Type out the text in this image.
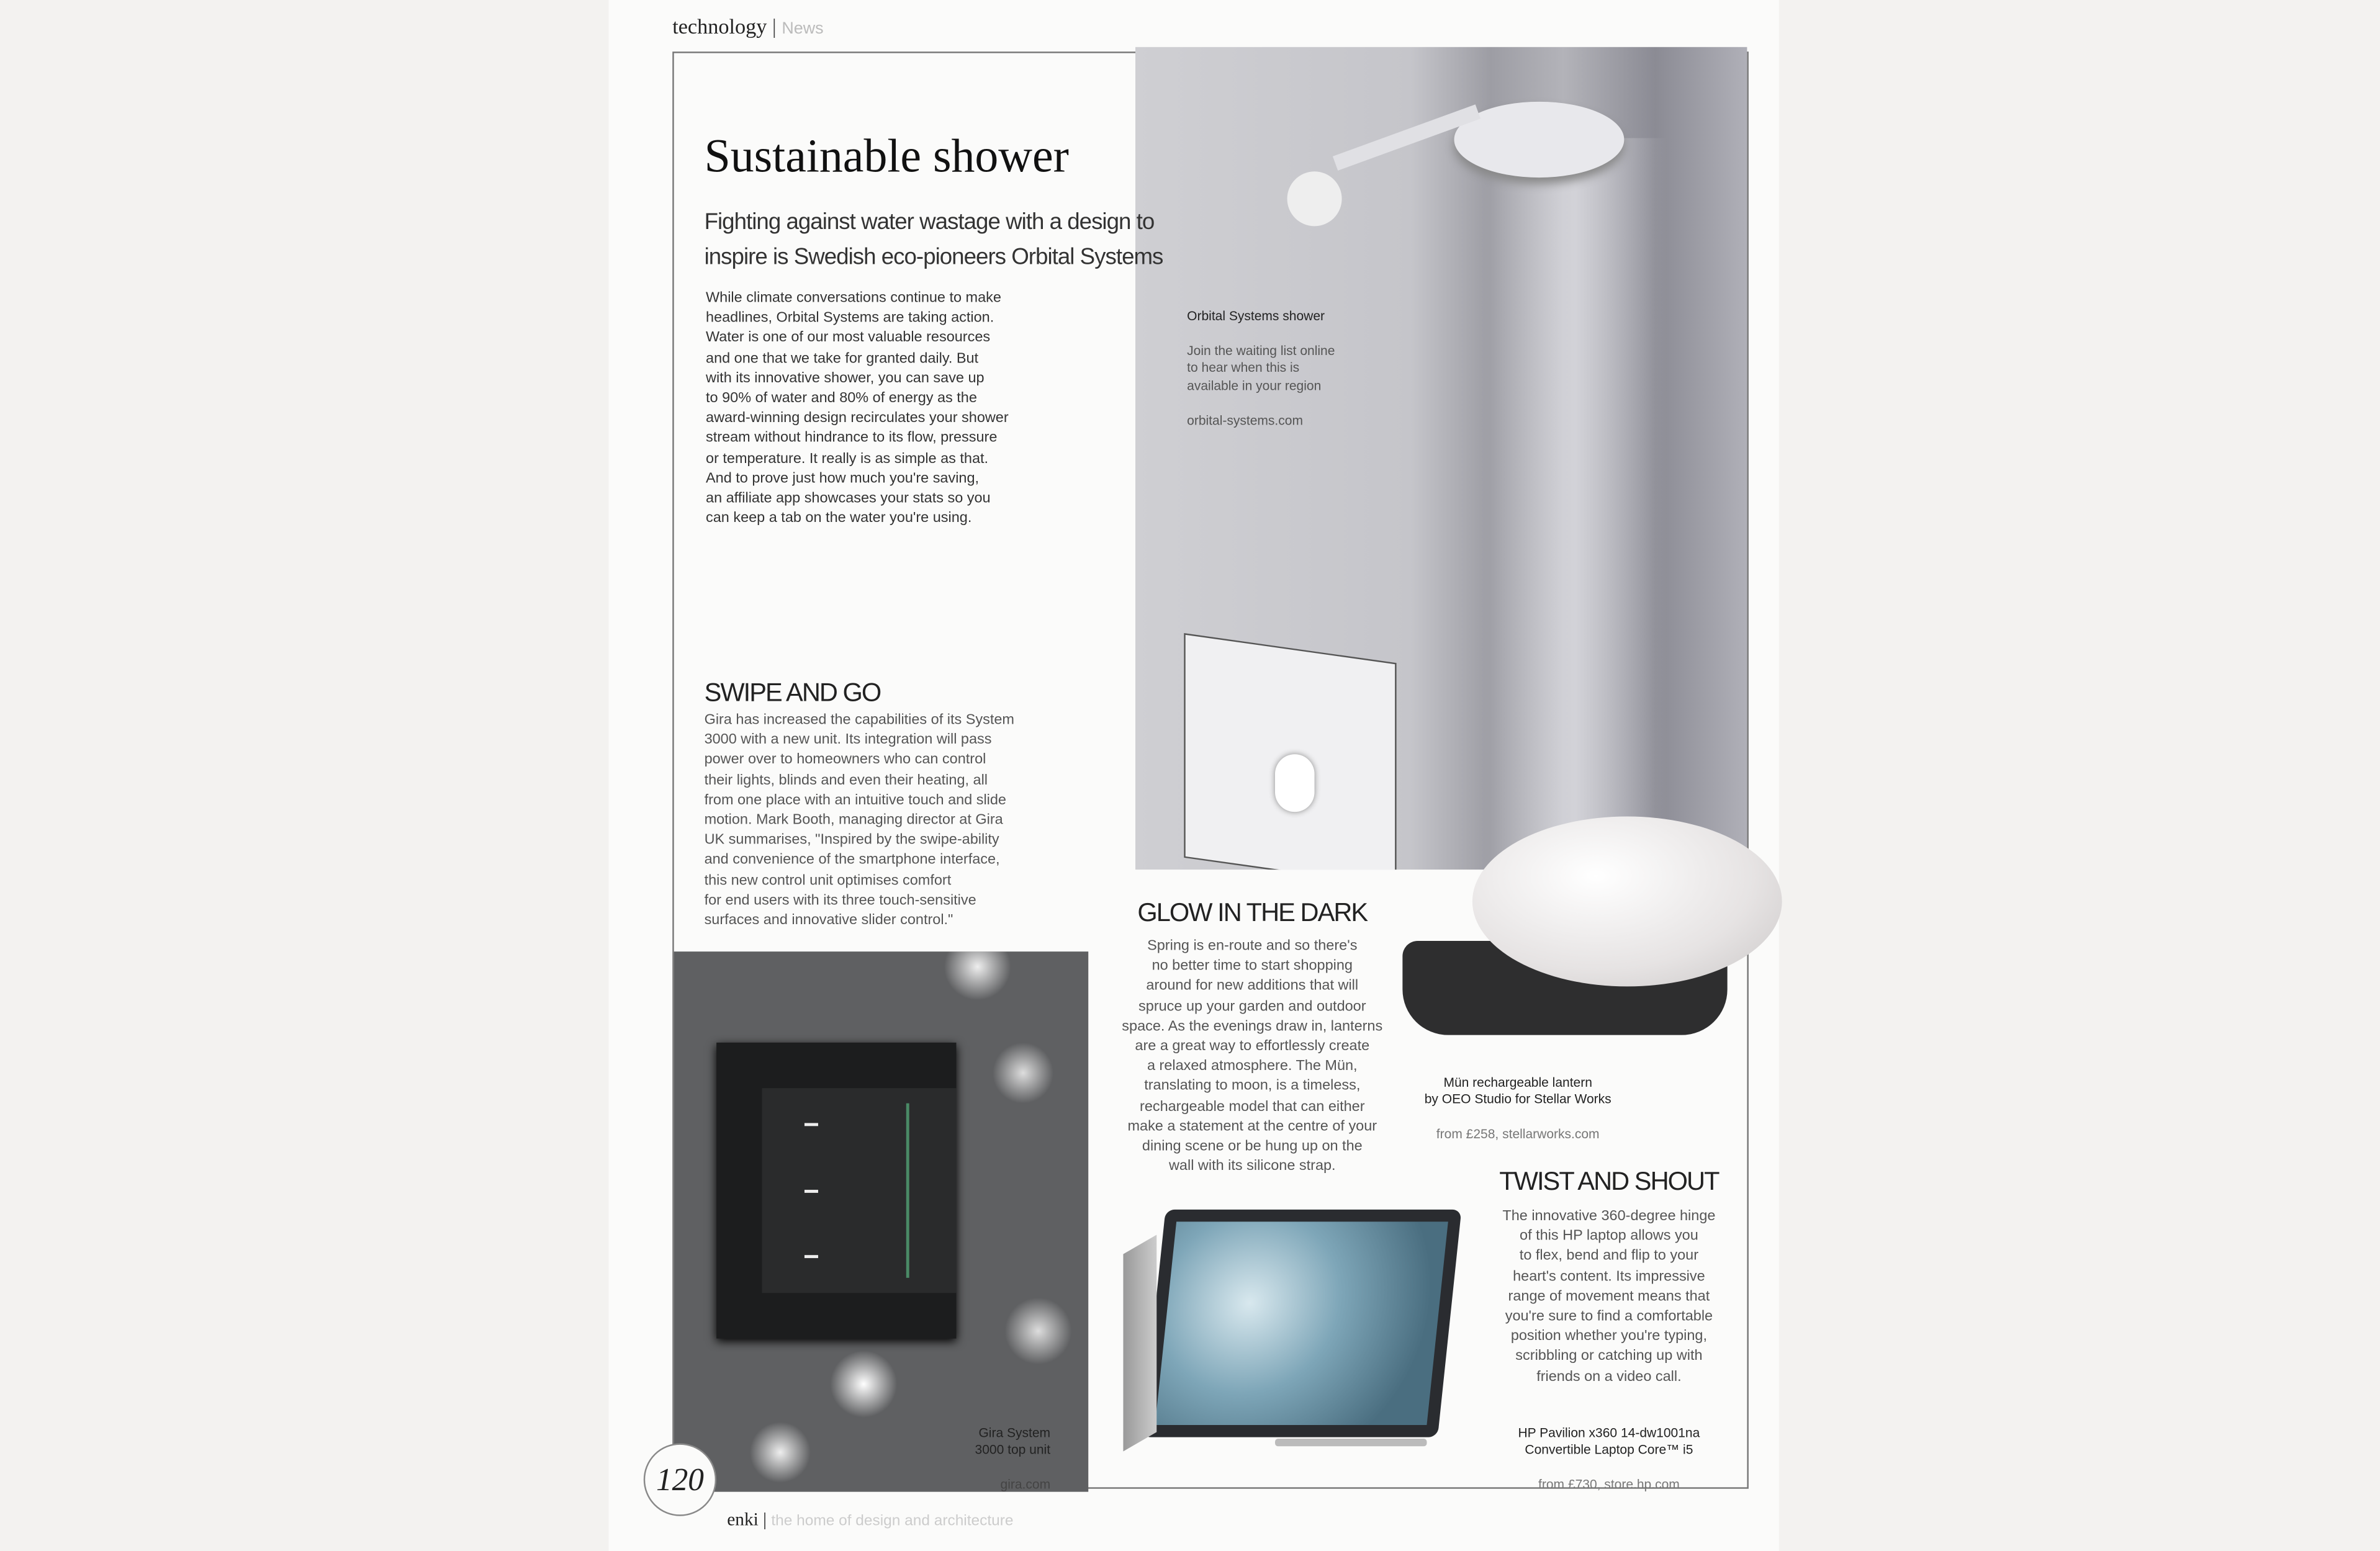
technology | News

Orbital Systems shower

Join the waiting list online
to hear when this is
available in your region

orbital-systems.com

Sustainable shower
Fighting against water wastage with a design to
inspire is Swedish eco-pioneers Orbital Systems
While climate conversations continue to make
headlines, Orbital Systems are taking action.
Water is one of our most valuable resources
and one that we take for granted daily. But
with its innovative shower, you can save up
to 90% of water and 80% of energy as the
award-winning design recirculates your shower
stream without hindrance to its flow, pressure
or temperature. It really is as simple as that.
And to prove just how much you're saving,
an affiliate app showcases your stats so you
can keep a tab on the water you're using.
SWIPE AND GO
Gira has increased the capabilities of its System
3000 with a new unit. Its integration will pass
power over to homeowners who can control
their lights, blinds and even their heating, all
from one place with an intuitive touch and slide
motion. Mark Booth, managing director at Gira
UK summarises, "Inspired by the swipe-ability
and convenience of the smartphone interface,
this new control unit optimises comfort
for end users with its three touch-sensitive
surfaces and innovative slider control."

Gira System
3000 top unit

gira.com

GLOW IN THE DARK
Spring is en-route and so there's
no better time to start shopping
around for new additions that will
spruce up your garden and outdoor
space. As the evenings draw in, lanterns
are a great way to effortlessly create
a relaxed atmosphere. The Mün,
translating to moon, is a timeless,
rechargeable model that can either
make a statement at the centre of your
dining scene or be hung up on the
wall with its silicone strap.

Mün rechargeable lantern
by OEO Studio for Stellar Works

from £258, stellarworks.com

TWIST AND SHOUT
The innovative 360-degree hinge
of this HP laptop allows you
to flex, bend and flip to your
heart's content. Its impressive
range of movement means that
you're sure to find a comfortable
position whether you're typing,
scribbling or catching up with
friends on a video call.

HP Pavilion x360 14-dw1001na
Convertible Laptop Core™ i5

from £730, store.hp.com

120
enki | the home of design and architecture
